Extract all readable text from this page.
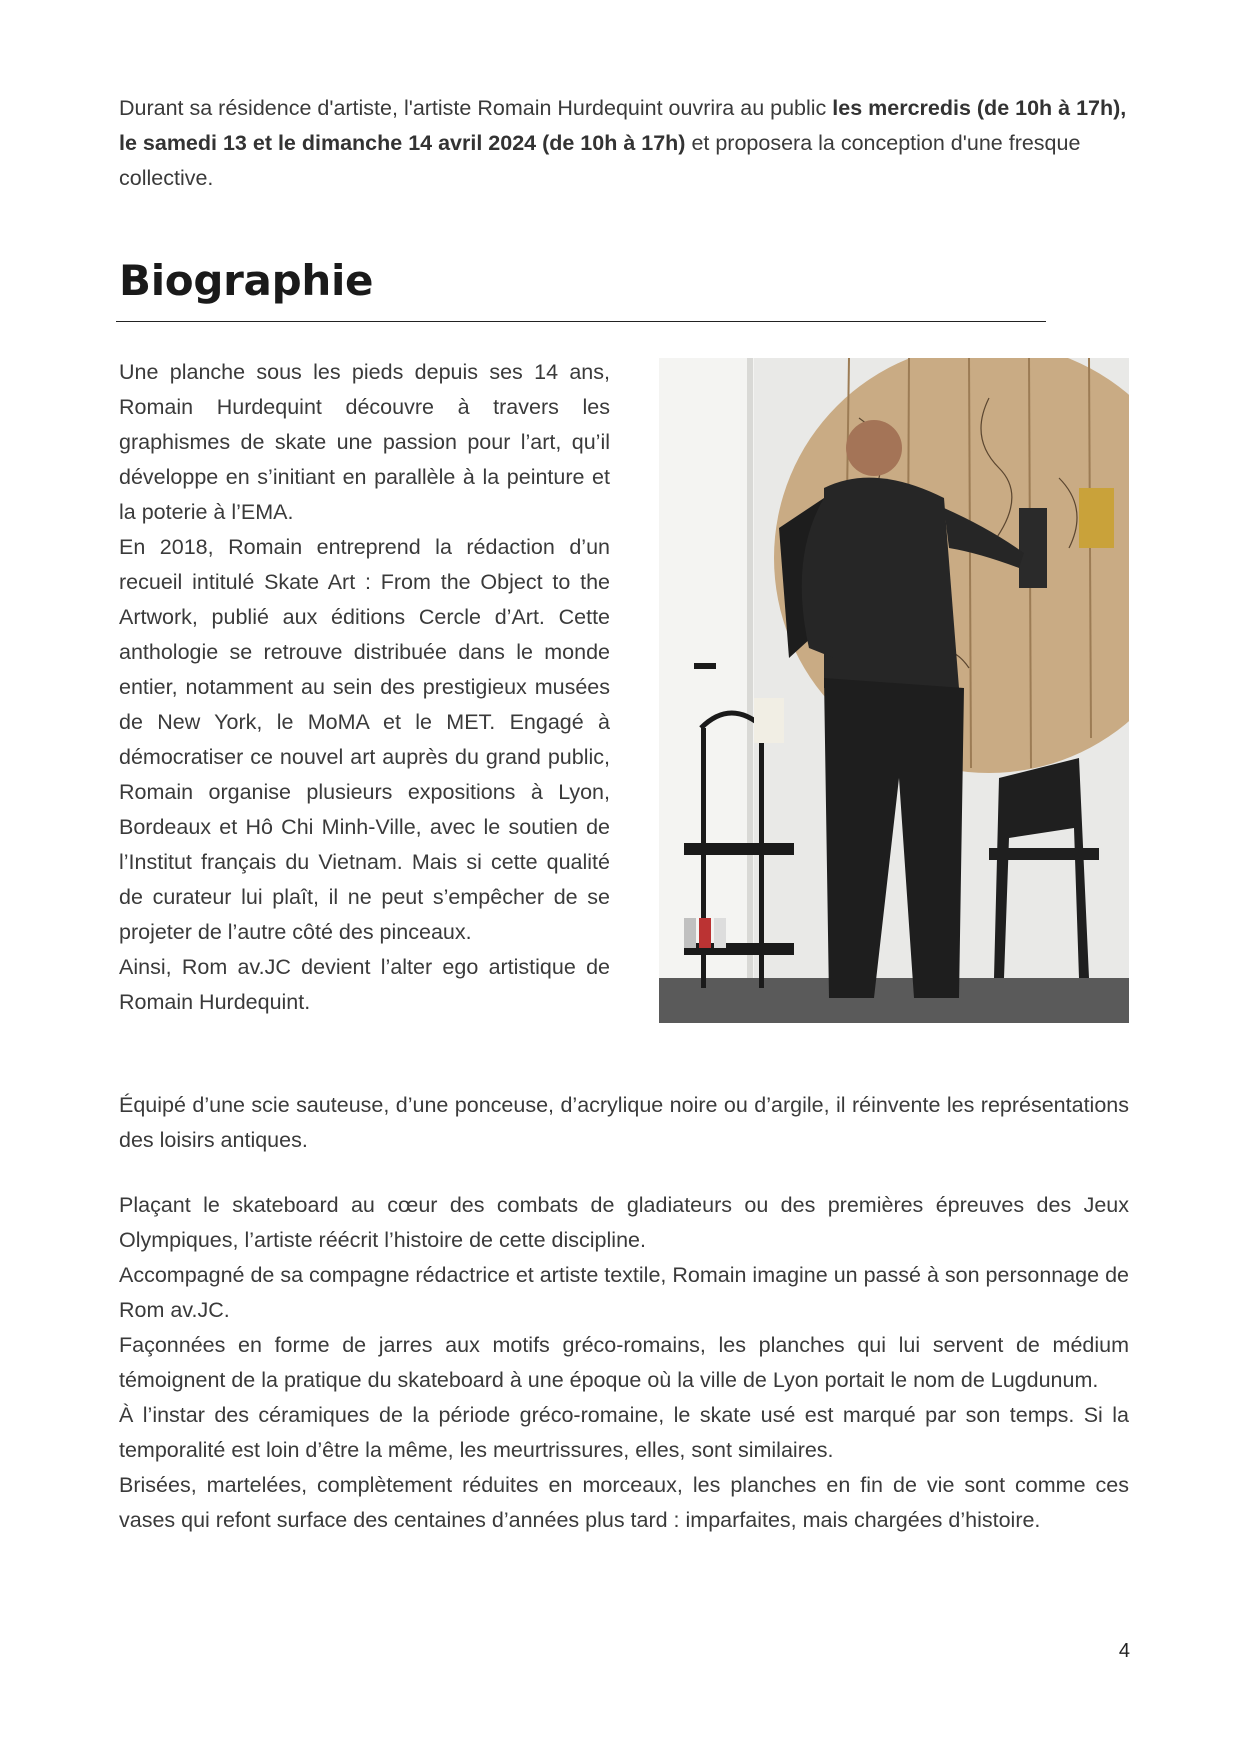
Durant sa résidence d'artiste, l'artiste Romain Hurdequint ouvrira au public les mercredis (de 10h à 17h), le samedi 13 et le dimanche 14 avril 2024 (de 10h à 17h) et proposera la conception d'une fresque collective.

Biographie

Une planche sous les pieds depuis ses 14 ans, Romain Hurdequint découvre à travers les graphismes de skate une passion pour l’art, qu’il développe en s’initiant en parallèle à la peinture et la poterie à l’EMA.

En 2018, Romain entreprend la rédaction d’un recueil intitulé Skate Art : From the Object to the Artwork, publié aux éditions Cercle d’Art. Cette anthologie se retrouve distribuée dans le monde entier, notamment au sein des prestigieux musées de New York, le MoMA et le MET. Engagé à démocratiser ce nouvel art auprès du grand public, Romain organise plusieurs expositions à Lyon, Bordeaux et Hô Chi Minh-Ville, avec le soutien de l’Institut français du Vietnam. Mais si cette qualité de curateur lui plaît, il ne peut s’empêcher de se projeter de l’autre côté des pinceaux.

Ainsi, Rom av.JC devient l’alter ego artistique de Romain Hurdequint.

Équipé d’une scie sauteuse, d’une ponceuse, d’acrylique noire ou d’argile, il réinvente les représentations des loisirs antiques.

Plaçant le skateboard au cœur des combats de gladiateurs ou des premières épreuves des Jeux Olympiques, l’artiste réécrit l’histoire de cette discipline.

Accompagné de sa compagne rédactrice et artiste textile, Romain imagine un passé à son personnage de Rom av.JC.

Façonnées en forme de jarres aux motifs gréco-romains, les planches qui lui servent de médium témoignent de la pratique du skateboard à une époque où la ville de Lyon portait le nom de Lugdunum.

À l’instar des céramiques de la période gréco-romaine, le skate usé est marqué par son temps. Si la temporalité est loin d’être la même, les meurtrissures, elles, sont similaires.

Brisées, martelées, complètement réduites en morceaux, les planches en fin de vie sont comme ces vases qui refont surface des centaines d’années plus tard : imparfaites, mais chargées d’histoire.

4
